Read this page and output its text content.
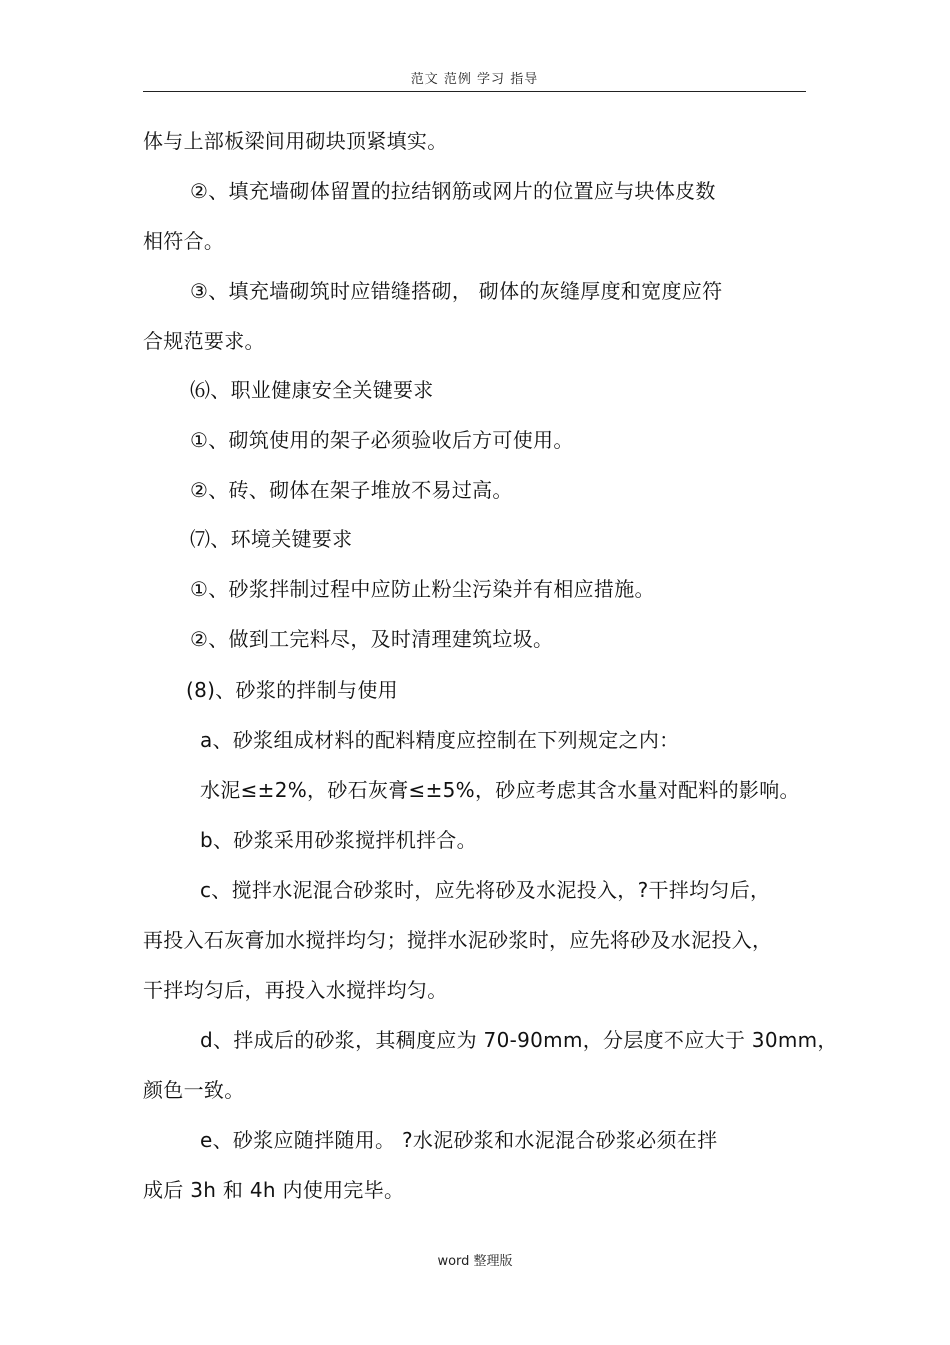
范文 范例 学习 指导
体与上部板梁间用砌块顶紧填实。
②、填充墙砌体留置的拉结钢筋或网片的位置应与块体皮数
相符合。
③、填充墙砌筑时应错缝搭砌， 砌体的灰缝厚度和宽度应符
合规范要求。
⑹、职业健康安全关键要求
①、砌筑使用的架子必须验收后方可使用。
②、砖、砌体在架子堆放不易过高。
⑺、环境关键要求
①、砂浆拌制过程中应防止粉尘污染并有相应措施。
②、做到工完料尽，及时清理建筑垃圾。
(8)、砂浆的拌制与使用
a、砂浆组成材料的配料精度应控制在下列规定之内：
水泥≤±2%，砂石灰膏≤±5%，砂应考虑其含水量对配料的影响。
b、砂浆采用砂浆搅拌机拌合。
c、搅拌水泥混合砂浆时，应先将砂及水泥投入，?干拌均匀后，
再投入石灰膏加水搅拌均匀；搅拌水泥砂浆时，应先将砂及水泥投入，
干拌均匀后，再投入水搅拌均匀。
d、拌成后的砂浆，其稠度应为 70-90mm，分层度不应大于 30mm，
颜色一致。
e、砂浆应随拌随用。 ?水泥砂浆和水泥混合砂浆必须在拌
成后 3h 和 4h 内使用完毕。
word 整理版
